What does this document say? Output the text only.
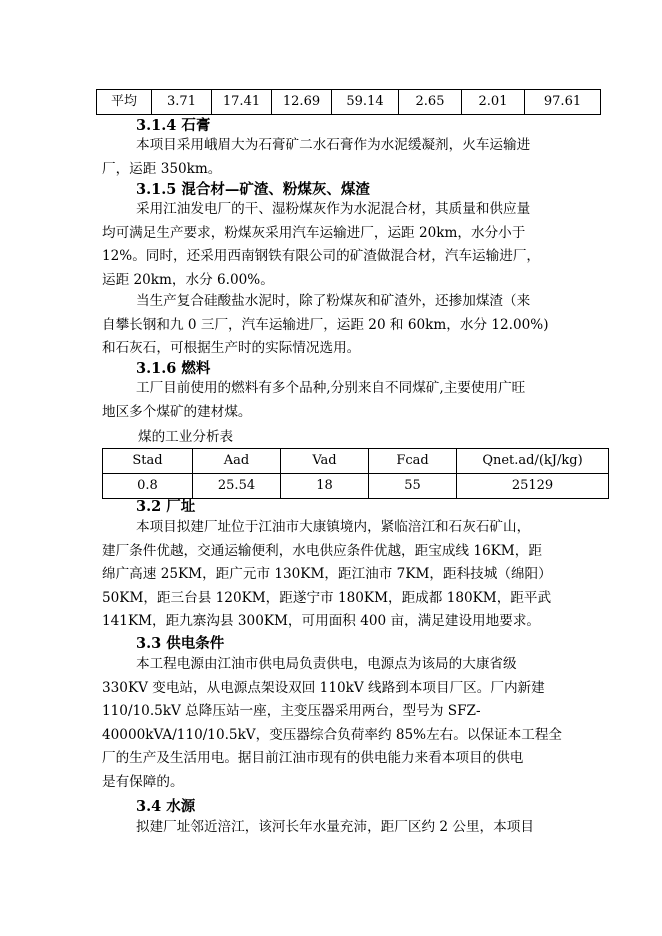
平均	3.71	17.41	12.69	59.14	2.65	2.01	97.61
3.1.4 石膏
本项目采用峨眉大为石膏矿二水石膏作为水泥缓凝剂，火车运输进
厂，运距 350km。
3.1.5 混合材—矿渣、粉煤灰、煤渣
采用江油发电厂的干、湿粉煤灰作为水泥混合材，其质量和供应量
均可满足生产要求，粉煤灰采用汽车运输进厂，运距 20km，水分小于
12%。同时，还采用西南钢铁有限公司的矿渣做混合材，汽车运输进厂，
运距 20km，水分 6.00%。
当生产复合硅酸盐水泥时，除了粉煤灰和矿渣外，还掺加煤渣（来
自攀长钢和九 0 三厂，汽车运输进厂，运距 20 和 60km，水分 12.00%)
和石灰石，可根据生产时的实际情况选用。
3.1.6 燃料
工厂目前使用的燃料有多个品种,分别来自不同煤矿,主要使用广旺
地区多个煤矿的建材煤。
煤的工业分析表
Stad	Aad	Vad	Fcad	Qnet.ad/(kJ/kg)
0.8	25.54	18	55	25129
3.2 厂址
本项目拟建厂址位于江油市大康镇境内，紧临涪江和石灰石矿山，
建厂条件优越，交通运输便利，水电供应条件优越，距宝成线 16KM，距
绵广高速 25KM，距广元市 130KM，距江油市 7KM，距科技城（绵阳）
50KM，距三台县 120KM，距遂宁市 180KM，距成都 180KM，距平武
141KM，距九寨沟县 300KM，可用面积 400 亩，满足建设用地要求。
3.3 供电条件
本工程电源由江油市供电局负责供电，电源点为该局的大康省级
330KV 变电站，从电源点架设双回 110kV 线路到本项目厂区。厂内新建
110/10.5kV 总降压站一座，主变压器采用两台，型号为 SFZ-
40000kVA/110/10.5kV，变压器综合负荷率约 85%左右。以保证本工程全
厂的生产及生活用电。据目前江油市现有的供电能力来看本项目的供电
是有保障的。
3.4 水源
拟建厂址邻近涪江，该河长年水量充沛，距厂区约 2 公里，本项目
